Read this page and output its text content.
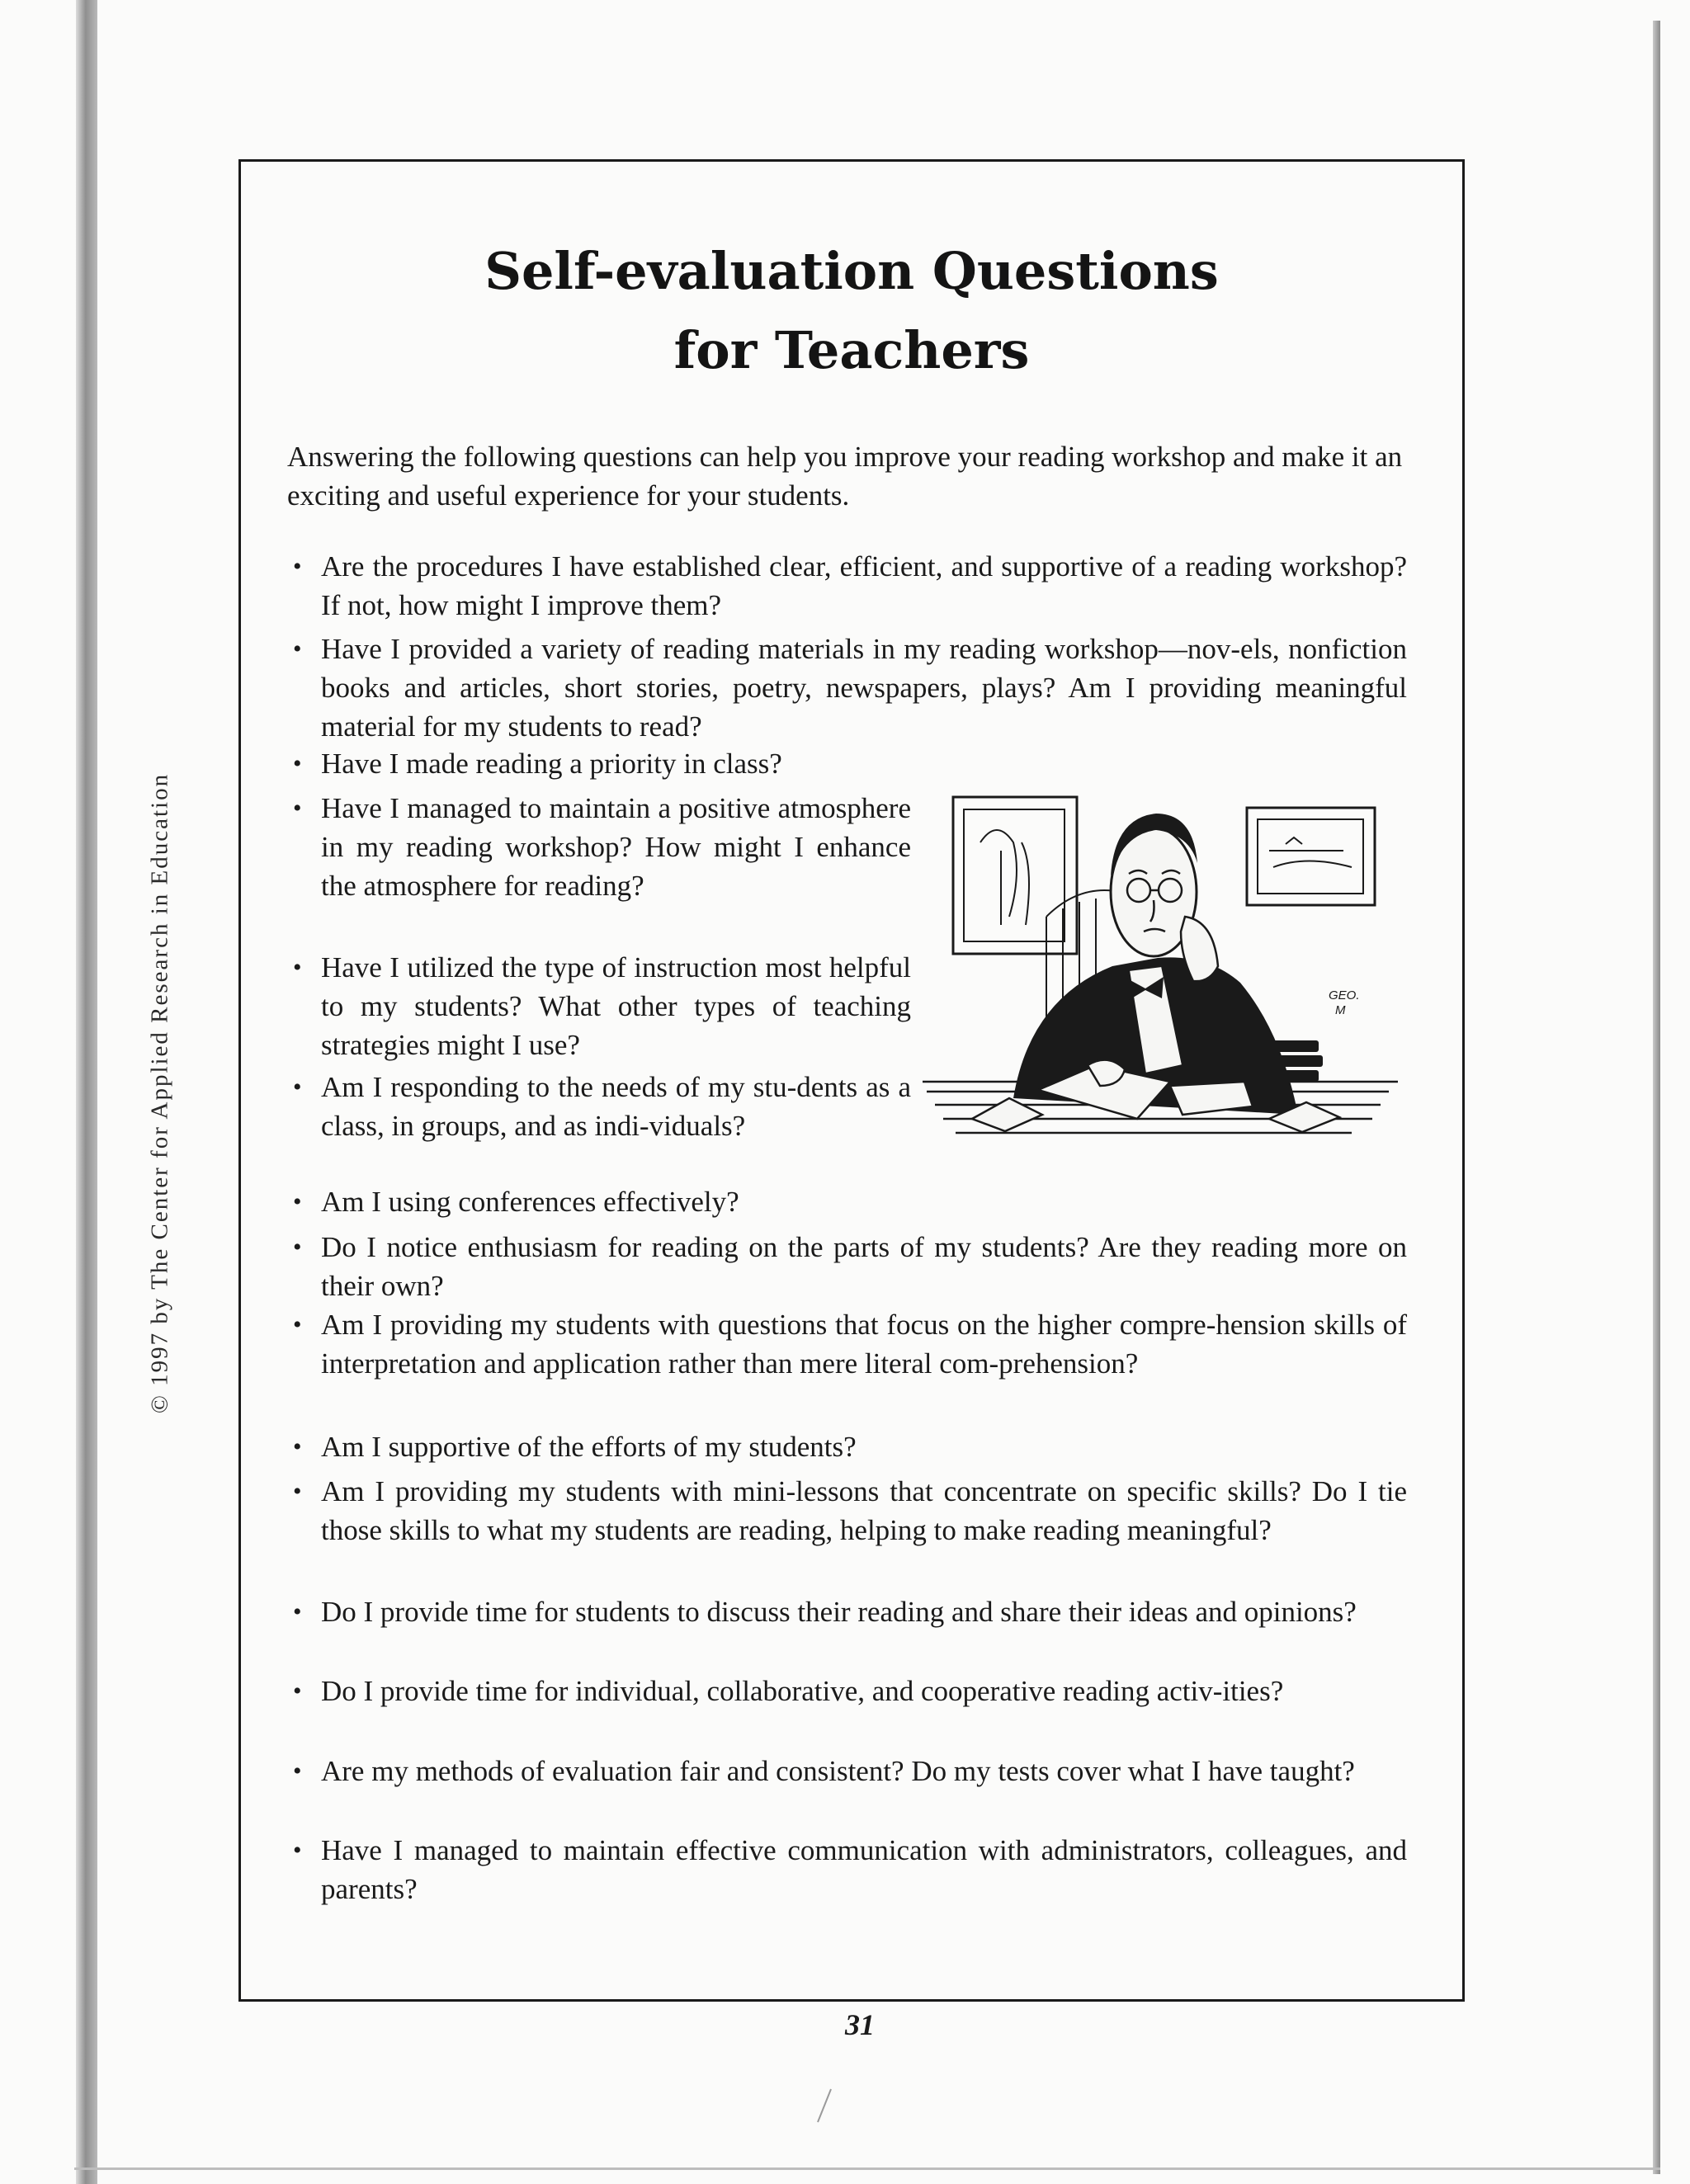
© 1997 by The Center for Applied Research in Education
Self-evaluation Questions
for Teachers

Answering the following questions can help you improve your reading workshop and make it an exciting and useful experience for your students.

• Are the procedures I have established clear, efficient, and supportive of a reading workshop? If not, how might I improve them?
• Have I provided a variety of reading materials in my reading workshop—nov-els, nonfiction books and articles, short stories, poetry, newspapers, plays? Am I providing meaningful material for my students to read?
• Have I made reading a priority in class?
• Have I managed to maintain a positive atmosphere in my reading workshop? How might I enhance the atmosphere for reading?
• Have I utilized the type of instruction most helpful to my students? What other types of teaching strategies might I use?
• Am I responding to the needs of my stu-dents as a class, in groups, and as indi-viduals?
• Am I using conferences effectively?
• Do I notice enthusiasm for reading on the parts of my students? Are they reading more on their own?
• Am I providing my students with questions that focus on the higher compre-hension skills of interpretation and application rather than mere literal com-prehension?
• Am I supportive of the efforts of my students?
• Am I providing my students with mini-lessons that concentrate on specific skills? Do I tie those skills to what my students are reading, helping to make reading meaningful?
• Do I provide time for students to discuss their reading and share their ideas and opinions?
• Do I provide time for individual, collaborative, and cooperative reading activ-ities?
• Are my methods of evaluation fair and consistent? Do my tests cover what I have taught?
• Have I managed to maintain effective communication with administrators, colleagues, and parents?
GEO.
M
31
